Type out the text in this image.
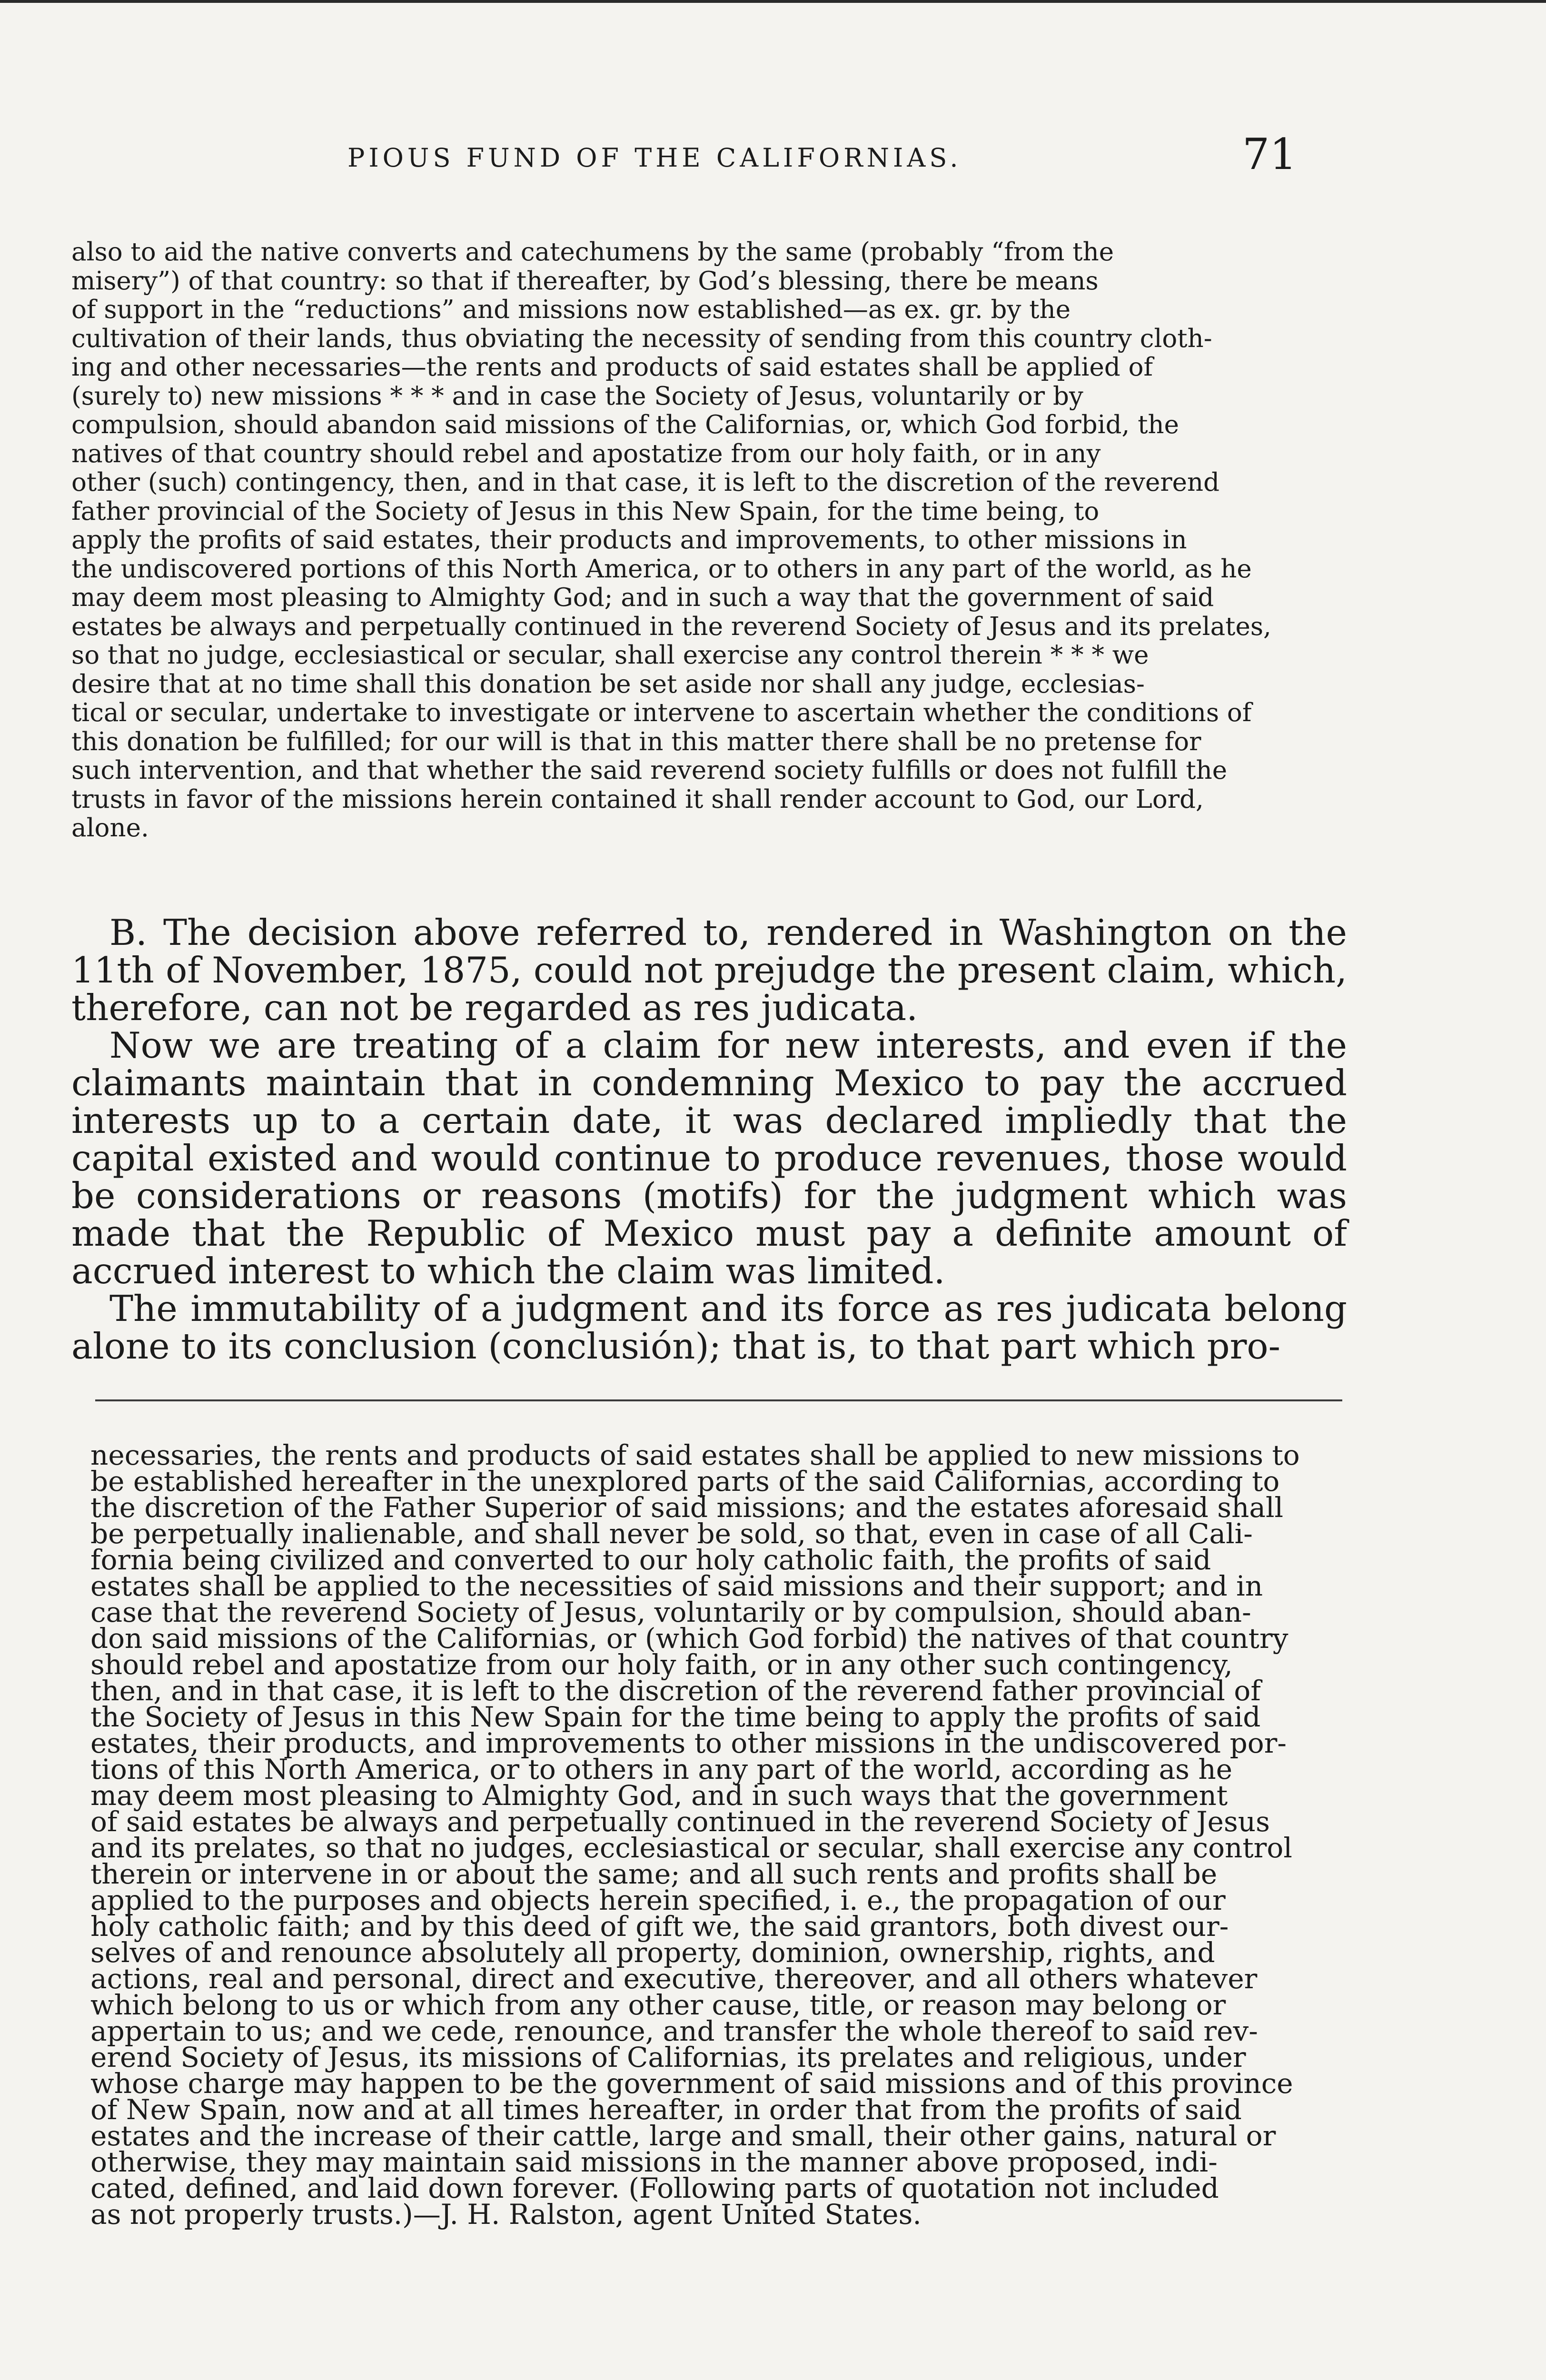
PIOUS FUND OF THE CALIFORNIAS.	71
also to aid the native converts and catechumens by the same (probably “from the
misery”) of that country: so that if thereafter, by God’s blessing, there be means
of support in the “reductions” and missions now established—as ex. gr. by the
cultivation of their lands, thus obviating the necessity of sending from this country cloth-
ing and other necessaries—the rents and products of said estates shall be applied of
(surely to) new missions * * * and in case the Society of Jesus, voluntarily or by
compulsion, should abandon said missions of the Californias, or, which God forbid, the
natives of that country should rebel and apostatize from our holy faith, or in any
other (such) contingency, then, and in that case, it is left to the discretion of the reverend
father provincial of the Society of Jesus in this New Spain, for the time being, to
apply the profits of said estates, their products and improvements, to other missions in
the undiscovered portions of this North America, or to others in any part of the world, as he
may deem most pleasing to Almighty God; and in such a way that the government of said
estates be always and perpetually continued in the reverend Society of Jesus and its prelates,
so that no judge, ecclesiastical or secular, shall exercise any control therein * * * we
desire that at no time shall this donation be set aside nor shall any judge, ecclesias-
tical or secular, undertake to investigate or intervene to ascertain whether the conditions of
this donation be fulfilled; for our will is that in this matter there shall be no pretense for
such intervention, and that whether the said reverend society fulfills or does not fulfill the
trusts in favor of the missions herein contained it shall render account to God, our Lord,
alone.

B. The decision above referred to, rendered in Washington on the 11th of November, 1875, could not prejudge the present claim, which, therefore, can not be regarded as res judicata.

Now we are treating of a claim for new interests, and even if the claimants maintain that in condemning Mexico to pay the accrued interests up to a certain date, it was declared impliedly that the capital existed and would continue to produce revenues, those would be considerations or reasons (motifs) for the judgment which was made that the Republic of Mexico must pay a definite amount of accrued interest to which the claim was limited.

The immutability of a judgment and its force as res judicata belong alone to its conclusion (conclusión); that is, to that part which pro-

necessaries, the rents and products of said estates shall be applied to new missions to
be established hereafter in the unexplored parts of the said Californias, according to
the discretion of the Father Superior of said missions; and the estates aforesaid shall
be perpetually inalienable, and shall never be sold, so that, even in case of all Cali-
fornia being civilized and converted to our holy catholic faith, the profits of said
estates shall be applied to the necessities of said missions and their support; and in
case that the reverend Society of Jesus, voluntarily or by compulsion, should aban-
don said missions of the Californias, or (which God forbid) the natives of that country
should rebel and apostatize from our holy faith, or in any other such contingency,
then, and in that case, it is left to the discretion of the reverend father provincial of
the Society of Jesus in this New Spain for the time being to apply the profits of said
estates, their products, and improvements to other missions in the undiscovered por-
tions of this North America, or to others in any part of the world, according as he
may deem most pleasing to Almighty God, and in such ways that the government
of said estates be always and perpetually continued in the reverend Society of Jesus
and its prelates, so that no judges, ecclesiastical or secular, shall exercise any control
therein or intervene in or about the same; and all such rents and profits shall be
applied to the purposes and objects herein specified, i. e., the propagation of our
holy catholic faith; and by this deed of gift we, the said grantors, both divest our-
selves of and renounce absolutely all property, dominion, ownership, rights, and
actions, real and personal, direct and executive, thereover, and all others whatever
which belong to us or which from any other cause, title, or reason may belong or
appertain to us; and we cede, renounce, and transfer the whole thereof to said rev-
erend Society of Jesus, its missions of Californias, its prelates and religious, under
whose charge may happen to be the government of said missions and of this province
of New Spain, now and at all times hereafter, in order that from the profits of said
estates and the increase of their cattle, large and small, their other gains, natural or
otherwise, they may maintain said missions in the manner above proposed, indi-
cated, defined, and laid down forever. (Following parts of quotation not included
as not properly trusts.)—J. H. Ralston, agent United States.
